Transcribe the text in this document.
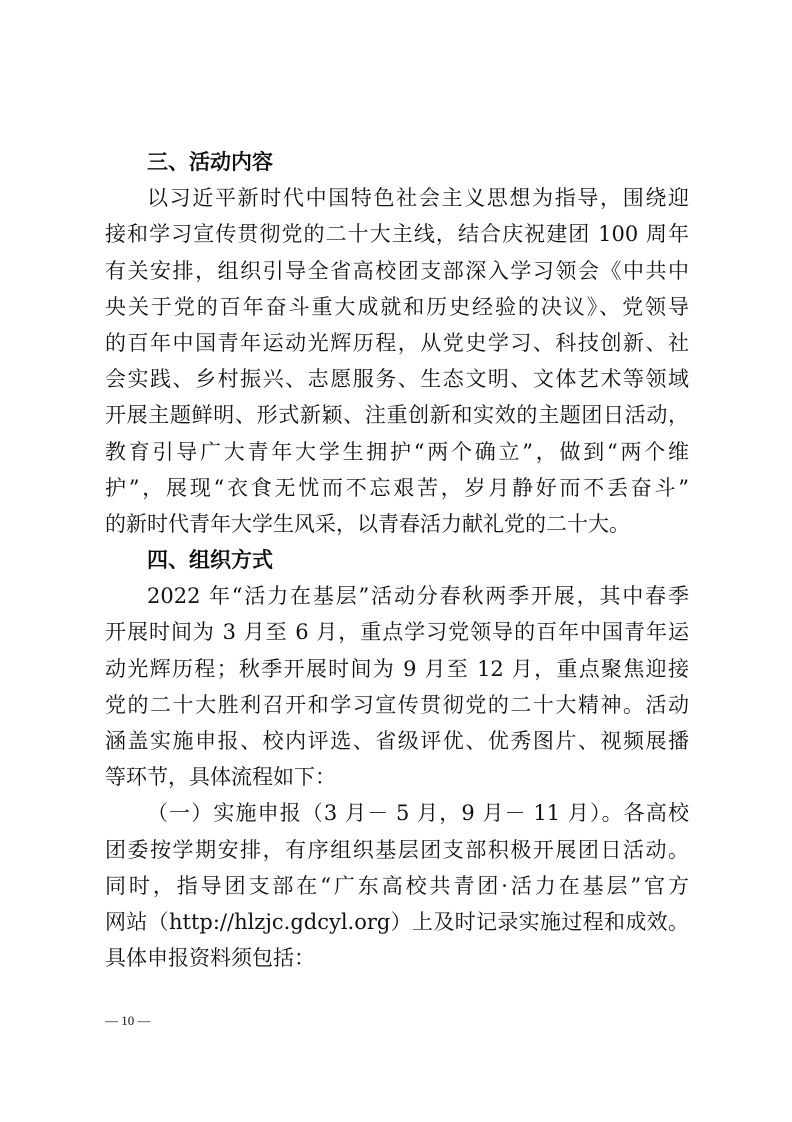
三、活动内容
以习近平新时代中国特色社会主义思想为指导，围绕迎
接和学习宣传贯彻党的二十大主线，结合庆祝建团 100 周年
有关安排，组织引导全省高校团支部深入学习领会《中共中
央关于党的百年奋斗重大成就和历史经验的决议》、党领导
的百年中国青年运动光辉历程，从党史学习、科技创新、社
会实践、乡村振兴、志愿服务、生态文明、文体艺术等领域
开展主题鲜明、形式新颖、注重创新和实效的主题团日活动，
教育引导广大青年大学生拥护“两个确立”，做到“两个维
护”，展现“衣食无忧而不忘艰苦，岁月静好而不丢奋斗”
的新时代青年大学生风采，以青春活力献礼党的二十大。
四、组织方式
2022 年“活力在基层”活动分春秋两季开展，其中春季
开展时间为 3 月至 6 月，重点学习党领导的百年中国青年运
动光辉历程；秋季开展时间为 9 月至 12 月，重点聚焦迎接
党的二十大胜利召开和学习宣传贯彻党的二十大精神。活动
涵盖实施申报、校内评选、省级评优、优秀图片、视频展播
等环节，具体流程如下：
（一）实施申报（3 月－ 5 月，9 月－ 11 月）。各高校
团委按学期安排，有序组织基层团支部积极开展团日活动。
同时，指导团支部在“广东高校共青团·活力在基层”官方
网站（http://hlzjc.gdcyl.org）上及时记录实施过程和成效。
具体申报资料须包括：
— 10 —
